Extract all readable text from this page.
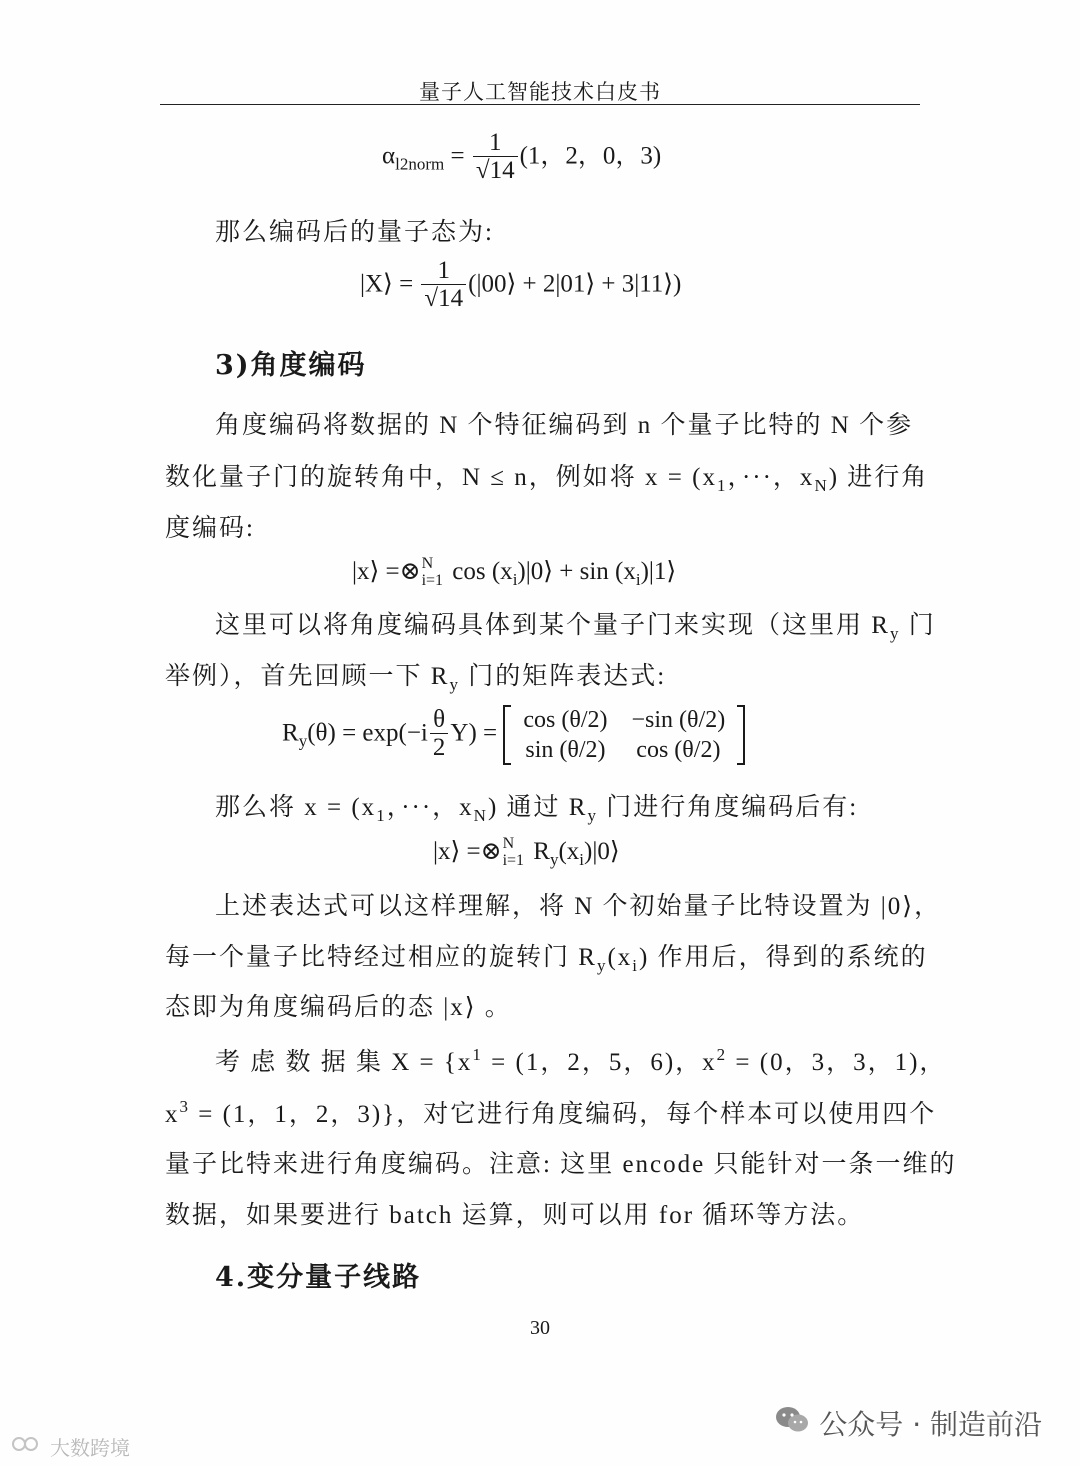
量子人工智能技术白皮书
$\alpha_{l2norm} = \frac{1}{√14} (1$，2，0，3)
那么编码后的量子态为:
|X⟩ = $\frac{1}{√14}$ (|00⟩ + 2|01⟩ + 3|11⟩)
3)角度编码
角度编码将数据的 N 个特征编码到 n 个量子比特的 N 个参
数化量子门的旋转角中，N ≤ n，例如将 $x = (x_1$，···，$x_N$) 进行角
度编码:
|x⟩ =⊗ N
i=1 $\cos (x_i)|0⟩ + \sin$ $(x_i)|1⟩$
这里可以将角度编码具体到某个量子门来实现（这里用 $R_y$ 门
举例），首先回顾一下 $R_y$ 门的矩阵表达式:
$R_y(\theta) = \exp(-i \frac{\theta}{2} Y) = \cos (\theta/2)$	−sin (θ/2)
sin (θ/2)	cos (θ/2)
那么将 $x = (x_1$，···，$x_N$) 通过 $R_y$ 门进行角度编码后有:
|x⟩ =⊗ N
i=1 $R_y(x_i)|0⟩$
上述表达式可以这样理解，将 N 个初始量子比特设置为 |0⟩，
每一个量子比特经过相应的旋转门 $R_y(x_i)$ 作用后，得到的系统的
态即为角度编码后的态 |x⟩ 。
考 虑 数 据 集 $X = \{x^1 = (1$，2，5，6)，$x^2 = (0$，3，3，1)，
$x^3 = (1$，1，2，3)}，对它进行角度编码，每个样本可以使用四个
量子比特来进行角度编码。注意: 这里 encode 只能针对一条一维的
数据，如果要进行 batch 运算，则可以用 for 循环等方法。
4.变分量子线路
30
公众号 · 制造前沿
大数跨境
